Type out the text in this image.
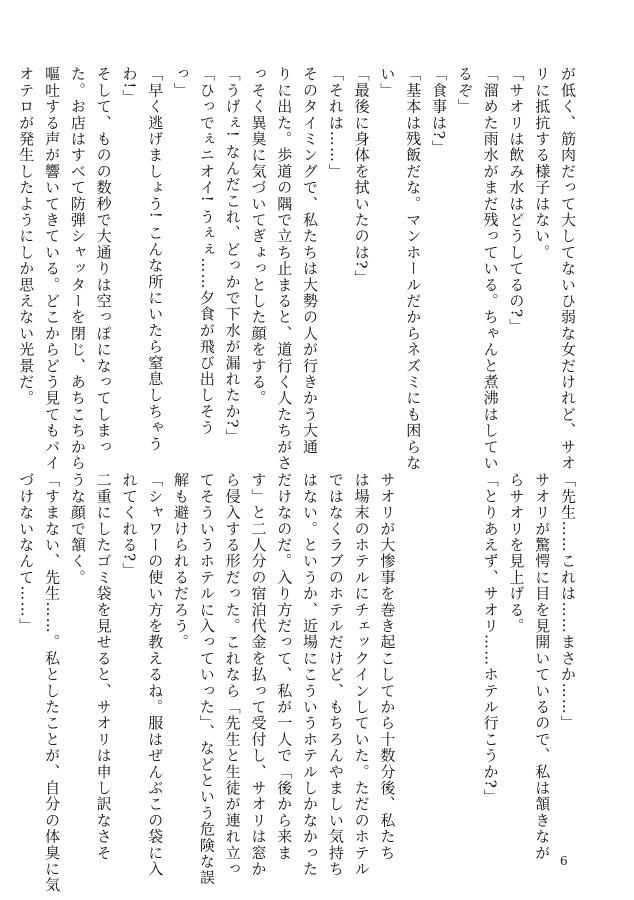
が低く、筋肉だって大してないひ弱な女だけれど、サオ
リに抵抗する様子はない。
「サオリは飲み水はどうしてるの?」
「溜めた雨水がまだ残っている。ちゃんと煮沸はしてい
るぞ」
「食事は?」
「基本は残飯だな。マンホールだからネズミにも困らな
い」
「最後に身体を拭いたのは?」
「それは……」
そのタイミングで、私たちは大勢の人が行きかう大通
りに出た。歩道の隅で立ち止まると、道行く人たちがさ
っそく異臭に気づいてぎょっとした顔をする。
「うげぇ! なんだこれ、どっかで下水が漏れたか?」
「ひっでぇニオイ! うぇぇ……夕食が飛び出しそう
っ」
「早く逃げましょう! こんな所にいたら窒息しちゃう
わ!」
そして、ものの数秒で大通りは空っぽになってしまっ
た。お店はすべて防弾シャッターを閉じ、あちこちから
嘔吐する声が響いてきている。どこからどう見てもバイ
オテロが発生したようにしか思えない光景だ。
「先生……これは……まさか……」
サオリが驚愕に目を見開いているので、私は頷きなが
らサオリを見上げる。
「とりあえず、サオリ……ホテル行こうか?」
サオリが大惨事を巻き起こしてから十数分後、私たち
は場末のホテルにチェックインしていた。ただのホテル
ではなくラブのホテルだけど、もちろんやましい気持ち
はない。というか、近場にこういうホテルしかなかった
だけなのだ。入り方だって、私が一人で「後から来ま
す」と二人分の宿泊代金を払って受付し、サオリは窓か
ら侵入する形だった。これなら「先生と生徒が連れ立っ
てそういうホテルに入っていった」、などという危険な誤
解も避けられるだろう。
「シャワーの使い方を教えるね。服はぜんぶこの袋に入
れてくれる?」
二重にしたゴミ袋を見せると、サオリは申し訳なさそ
うな顔で頷く。
「すまない、先生……。私としたことが、自分の体臭に気
づけないなんて……」
6
